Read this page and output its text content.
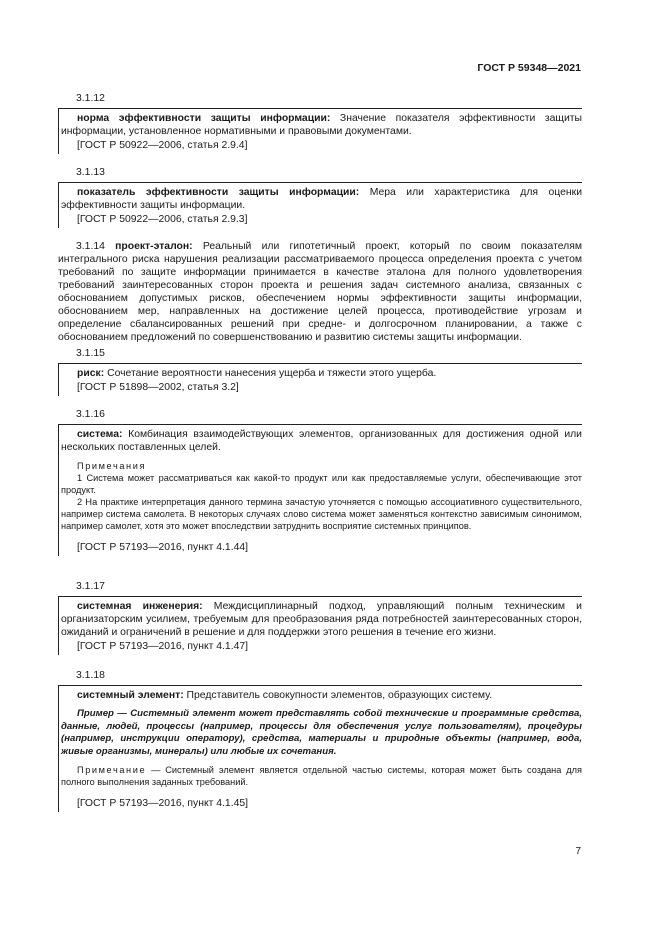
ГОСТ Р 59348—2021
3.1.12
норма эффективности защиты информации: Значение показателя эффективности защиты информации, установленное нормативными и правовыми документами.
[ГОСТ Р 50922—2006, статья 2.9.4]
3.1.13
показатель эффективности защиты информации: Мера или характеристика для оценки эффективности защиты информации.
[ГОСТ Р 50922—2006, статья 2.9.3]
3.1.14 проект-эталон: Реальный или гипотетичный проект, который по своим показателям интегрального риска нарушения реализации рассматриваемого процесса определения проекта с учетом требований по защите информации принимается в качестве эталона для полного удовлетворения требований заинтересованных сторон проекта и решения задач системного анализа, связанных с обоснованием допустимых рисков, обеспечением нормы эффективности защиты информации, обоснованием мер, направленных на достижение целей процесса, противодействие угрозам и определение сбалансированных решений при средне- и долгосрочном планировании, а также с обоснованием предложений по совершенствованию и развитию системы защиты информации.
3.1.15
риск: Сочетание вероятности нанесения ущерба и тяжести этого ущерба.
[ГОСТ Р 51898—2002, статья 3.2]
3.1.16
система: Комбинация взаимодействующих элементов, организованных для достижения одной или нескольких поставленных целей.
Примечания
1 Система может рассматриваться как какой-то продукт или как предоставляемые услуги, обеспечивающие этот продукт.
2 На практике интерпретация данного термина зачастую уточняется с помощью ассоциативного существительного, например система самолета. В некоторых случаях слово система может заменяться контекстно зависимым синонимом, например самолет, хотя это может впоследствии затруднить восприятие системных принципов.
[ГОСТ Р 57193—2016, пункт 4.1.44]
3.1.17
системная инженерия: Междисциплинарный подход, управляющий полным техническим и организаторским усилием, требуемым для преобразования ряда потребностей заинтересованных сторон, ожиданий и ограничений в решение и для поддержки этого решения в течение его жизни.
[ГОСТ Р 57193—2016, пункт 4.1.47]
3.1.18
системный элемент: Представитель совокупности элементов, образующих систему.
Пример — Системный элемент может представлять собой технические и программные средства, данные, людей, процессы (например, процессы для обеспечения услуг пользователям), процедуры (например, инструкции оператору), средства, материалы и природные объекты (например, вода, живые организмы, минералы) или любые их сочетания.
Примечание — Системный элемент является отдельной частью системы, которая может быть создана для полного выполнения заданных требований.
[ГОСТ Р 57193—2016, пункт 4.1.45]
7
